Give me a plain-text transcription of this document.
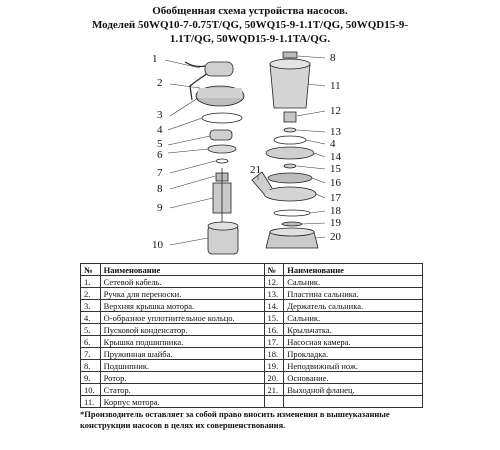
Обобщенная схема устройства насосов.
Моделей 50WQ10-7-0.75T/QG, 50WQ15-9-1.1T/QG, 50WQD15-9-
1.1T/QG, 50WQD15-9-1.1TA/QG.
1
2
3
4
5
6
7
8
9
10
8
11
12
13
4
14
15
16
17
18
19
20
21
№	Наименование	№	Наименование
1.	Сетевой кабель.	12.	Сальник.
2.	Ручка для переноски.	13.	Пластина сальника.
3.	Верхняя крышка мотора.	14.	Держатель сальника.
4.	О-образное уплотнительное кольцо.	15.	Сальник.
5.	Пусковой конденсатор.	16.	Крыльчатка.
6.	Крышка подшипника.	17.	Насосная камера.
7.	Пружинная шайба.	18.	Прокладка.
8.	Подшипник.	19.	Неподвижный нож.
9.	Ротор.	20.	Основание.
10.	Статор.	21.	Выходной фланец.
11.	Корпус мотора.		
*Производитель оставляет за собой право вносить изменения в вышеуказанные конструкции насосов в целях их совершенствования.
